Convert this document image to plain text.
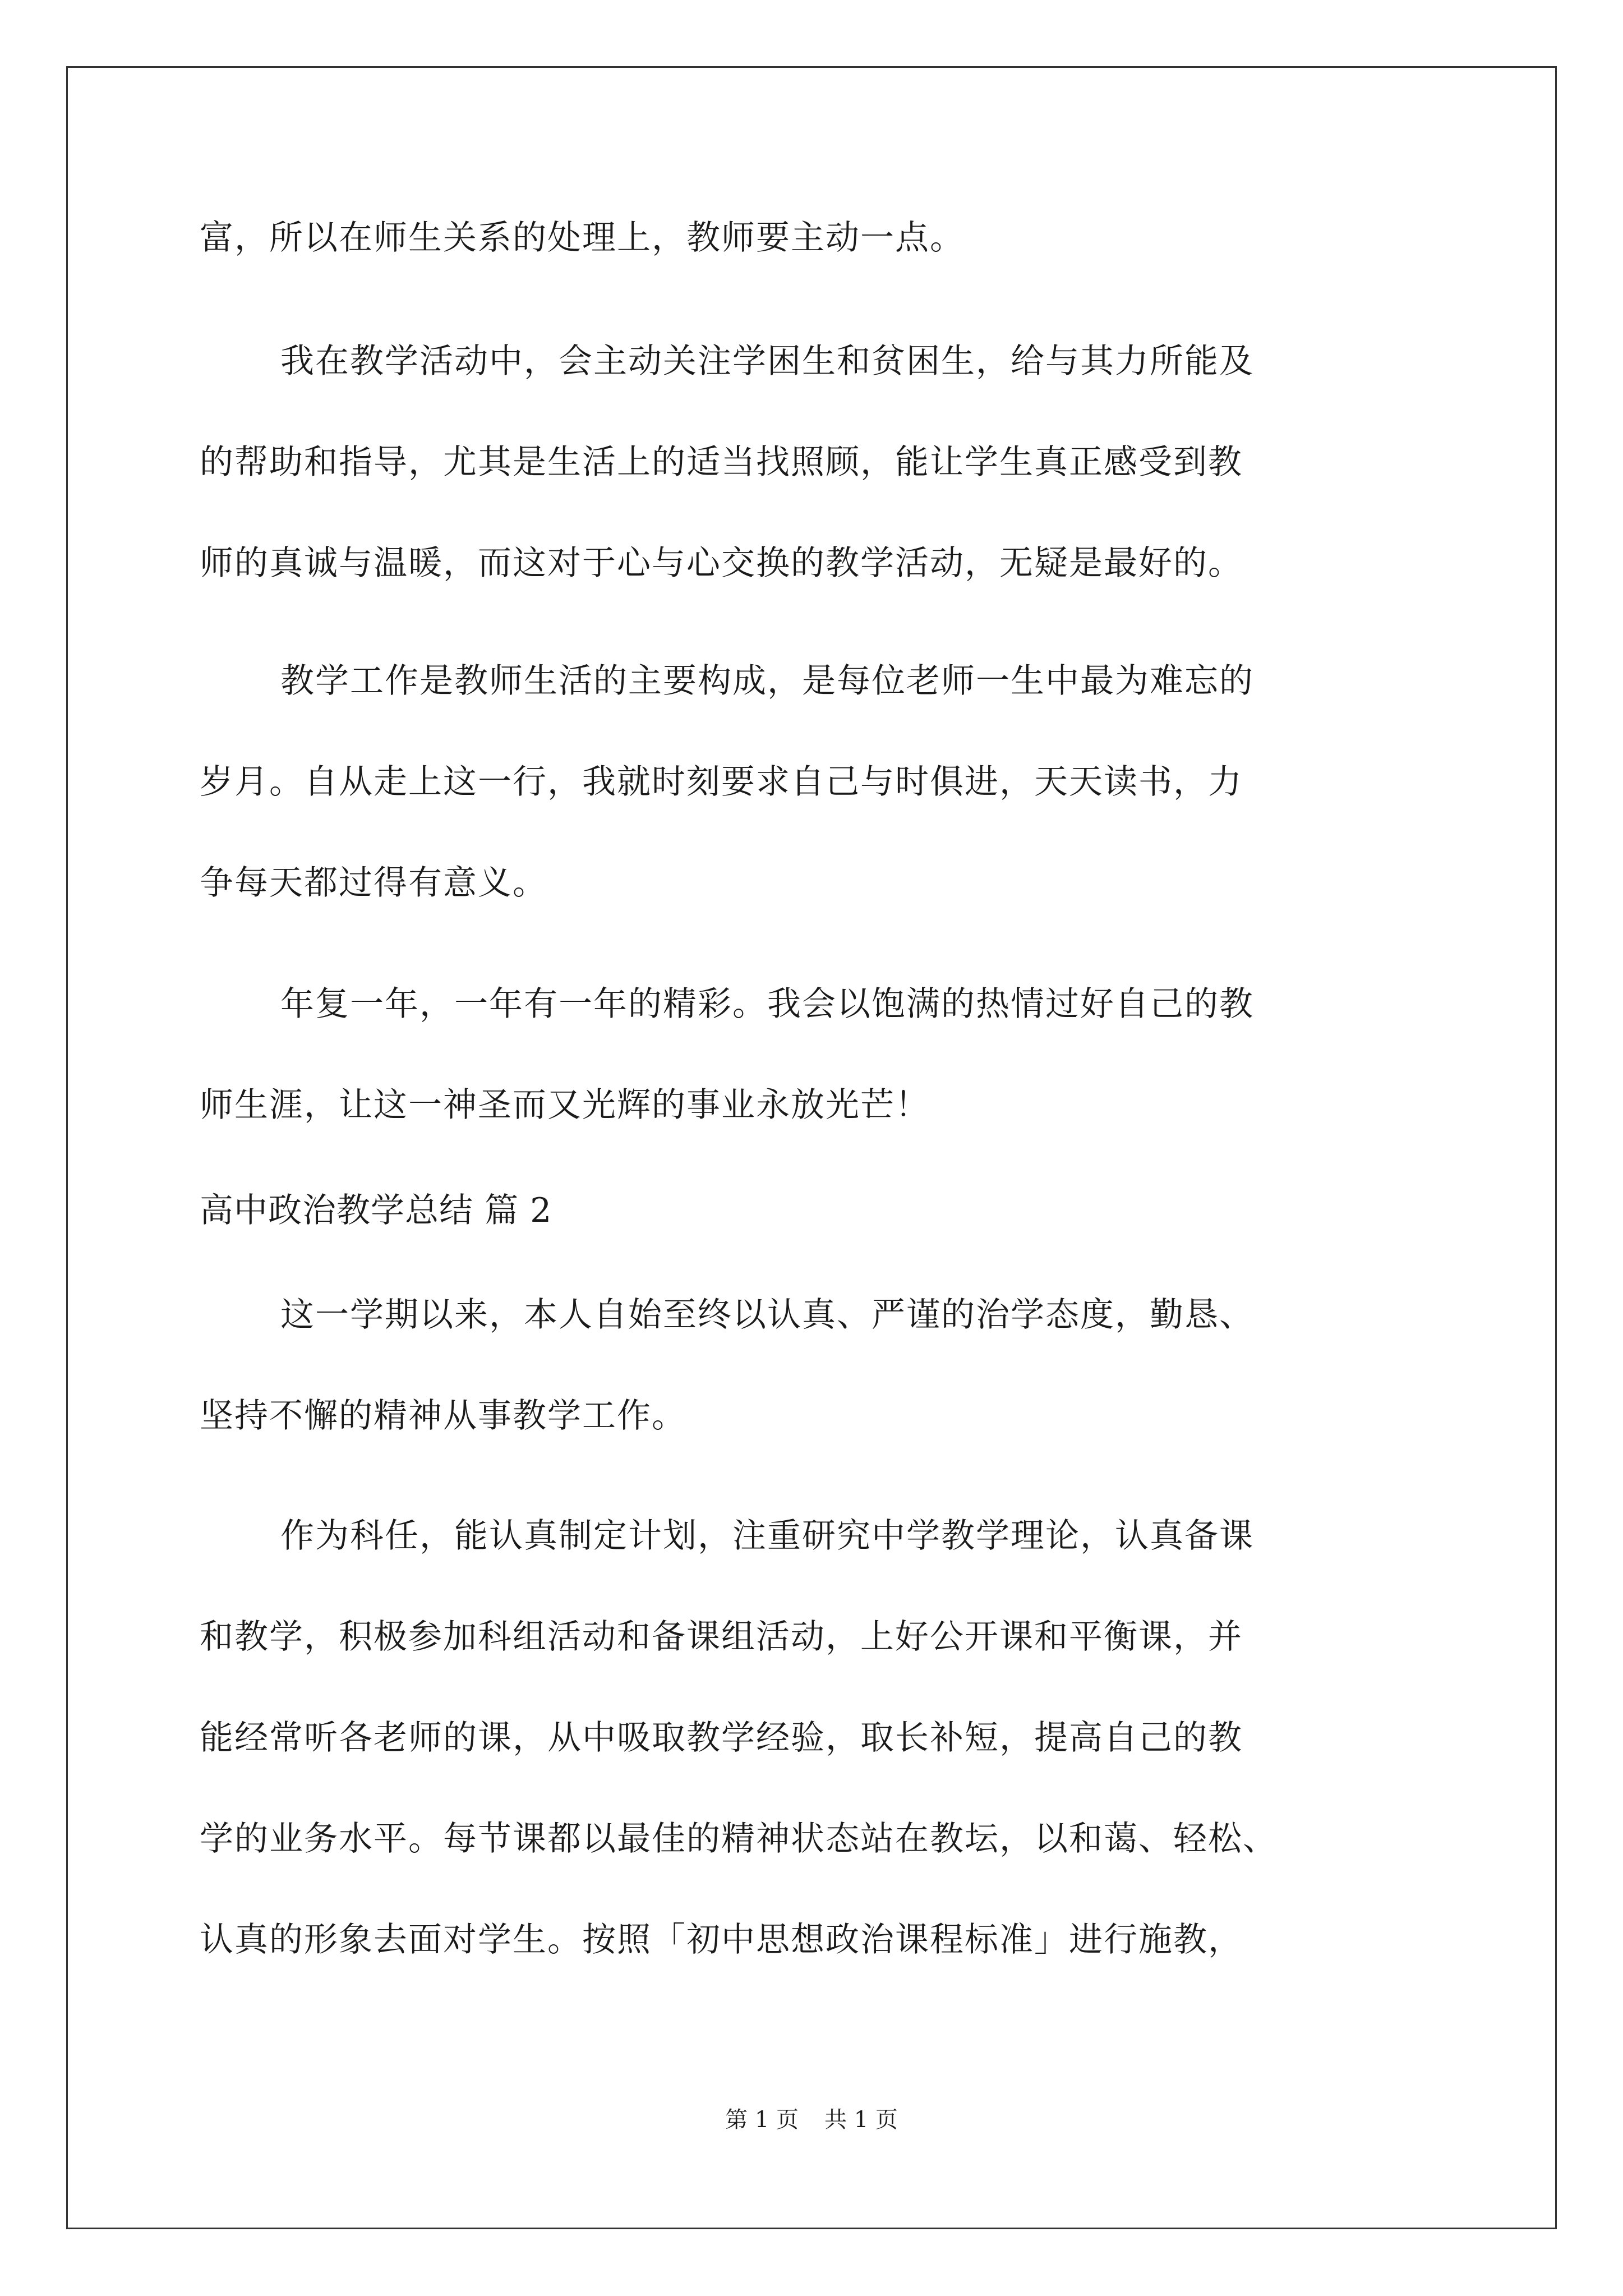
富，所以在师生关系的处理上，教师要主动一点。
我在教学活动中，会主动关注学困生和贫困生，给与其力所能及
的帮助和指导，尤其是生活上的适当找照顾，能让学生真正感受到教
师的真诚与温暖，而这对于心与心交换的教学活动，无疑是最好的。
教学工作是教师生活的主要构成，是每位老师一生中最为难忘的
岁月。自从走上这一行，我就时刻要求自己与时俱进，天天读书，力
争每天都过得有意义。
年复一年，一年有一年的精彩。我会以饱满的热情过好自己的教
师生涯，让这一神圣而又光辉的事业永放光芒！
高中政治教学总结 篇 2
这一学期以来，本人自始至终以认真、严谨的治学态度，勤恳、
坚持不懈的精神从事教学工作。
作为科任，能认真制定计划，注重研究中学教学理论，认真备课
和教学，积极参加科组活动和备课组活动，上好公开课和平衡课，并
能经常听各老师的课，从中吸取教学经验，取长补短，提高自己的教
学的业务水平。每节课都以最佳的精神状态站在教坛，以和蔼、轻松、
认真的形象去面对学生。按照「初中思想政治课程标准」进行施教，
第 1 页 共 1 页
